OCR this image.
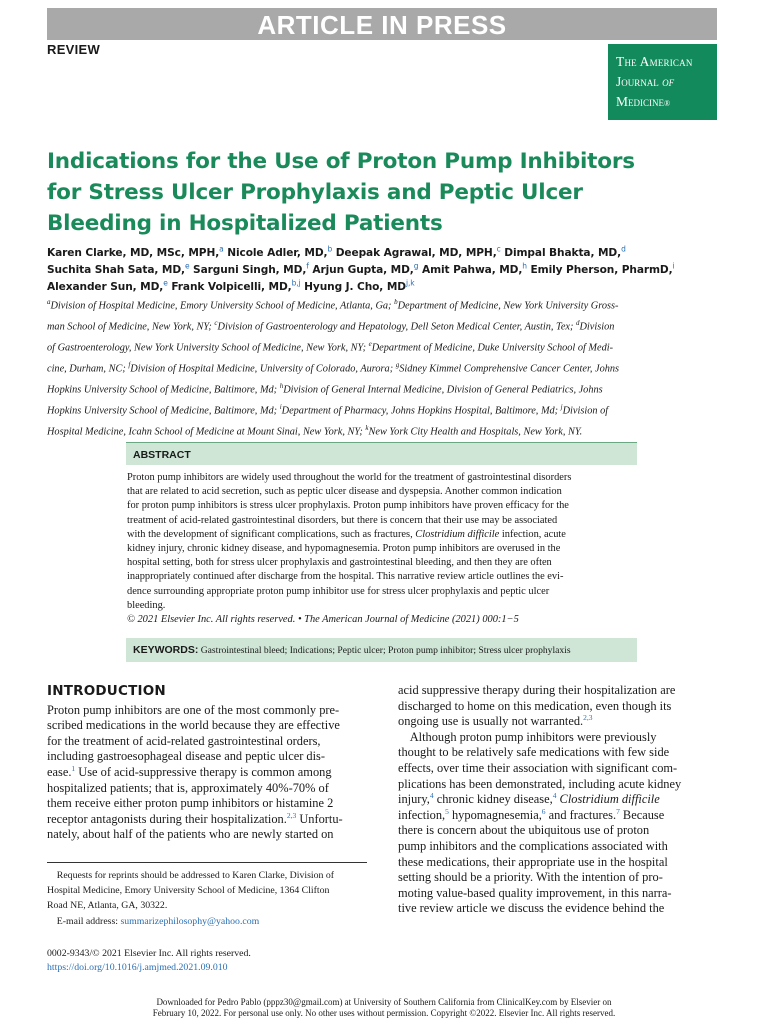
ARTICLE IN PRESS
REVIEW
The American
Journal of
Medicine®
Indications for the Use of Proton Pump Inhibitors
for Stress Ulcer Prophylaxis and Peptic Ulcer
Bleeding in Hospitalized Patients
Karen Clarke, MD, MSc, MPH,$^a$ Nicole Adler, MD,$^b$ Deepak Agrawal, MD, MPH,$^c$ Dimpal Bhakta, MD,$^d$
Suchita Shah Sata, MD,$^e$ Sarguni Singh, MD,$^f$ Arjun Gupta, MD,$^g$ Amit Pahwa, MD,$^h$ Emily Pherson, PharmD,$^i$
Alexander Sun, MD,$^e$ Frank Volpicelli, MD,$^{b,j}$ Hyung J. Cho, MD$^{j,k}$
$^a$Division of Hospital Medicine, Emory University School of Medicine, Atlanta, Ga; $^b$Department of Medicine, New York University Gross-
man School of Medicine, New York, NY; $^c$Division of Gastroenterology and Hepatology, Dell Seton Medical Center, Austin, Tex; $^d$Division
of Gastroenterology, New York University School of Medicine, New York, NY; $^e$Department of Medicine, Duke University School of Medi-
cine, Durham, NC; $^f$Division of Hospital Medicine, University of Colorado, Aurora; $^g$Sidney Kimmel Comprehensive Cancer Center, Johns
Hopkins University School of Medicine, Baltimore, Md; $^h$Division of General Internal Medicine, Division of General Pediatrics, Johns
Hopkins University School of Medicine, Baltimore, Md; $^i$Department of Pharmacy, Johns Hopkins Hospital, Baltimore, Md; $^j$Division of
Hospital Medicine, Icahn School of Medicine at Mount Sinai, New York, NY; $^k$New York City Health and Hospitals, New York, NY.
ABSTRACT
Proton pump inhibitors are widely used throughout the world for the treatment of gastrointestinal disorders
that are related to acid secretion, such as peptic ulcer disease and dyspepsia. Another common indication
for proton pump inhibitors is stress ulcer prophylaxis. Proton pump inhibitors have proven efficacy for the
treatment of acid-related gastrointestinal disorders, but there is concern that their use may be associated
with the development of significant complications, such as fractures, Clostridium difficile infection, acute
kidney injury, chronic kidney disease, and hypomagnesemia. Proton pump inhibitors are overused in the
hospital setting, both for stress ulcer prophylaxis and gastrointestinal bleeding, and then they are often
inappropriately continued after discharge from the hospital. This narrative review article outlines the evi-
dence surrounding appropriate proton pump inhibitor use for stress ulcer prophylaxis and peptic ulcer
bleeding.
© 2021 Elsevier Inc. All rights reserved. • The American Journal of Medicine (2021) 000:1−5
KEYWORDS: Gastrointestinal bleed; Indications; Peptic ulcer; Proton pump inhibitor; Stress ulcer prophylaxis
INTRODUCTION
Proton pump inhibitors are one of the most commonly pre-
scribed medications in the world because they are effective
for the treatment of acid-related gastrointestinal orders,
including gastroesophageal disease and peptic ulcer dis-
ease.$^1$ Use of acid-suppressive therapy is common among
hospitalized patients; that is, approximately 40%-70% of
them receive either proton pump inhibitors or histamine 2
receptor antagonists during their hospitalization.$^{2,3}$ Unfortu-
nately, about half of the patients who are newly started on
acid suppressive therapy during their hospitalization are
discharged to home on this medication, even though its
ongoing use is usually not warranted.$^{2,3}$
Although proton pump inhibitors were previously
thought to be relatively safe medications with few side
effects, over time their association with significant com-
plications has been demonstrated, including acute kidney
injury,$^4$ chronic kidney disease,$^4$ Clostridium difficile
infection,$^5$ hypomagnesemia,$^6$ and fractures.$^7$ Because
there is concern about the ubiquitous use of proton
pump inhibitors and the complications associated with
these medications, their appropriate use in the hospital
setting should be a priority. With the intention of pro-
moting value-based quality improvement, in this narra-
tive review article we discuss the evidence behind the
Requests for reprints should be addressed to Karen Clarke, Division of
Hospital Medicine, Emory University School of Medicine, 1364 Clifton
Road NE, Atlanta, GA, 30322.
E-mail address: summarizephilosophy@yahoo.com
0002-9343/© 2021 Elsevier Inc. All rights reserved.
https://doi.org/10.1016/j.amjmed.2021.09.010
Downloaded for Pedro Pablo (pppz30@gmail.com) at University of Southern California from ClinicalKey.com by Elsevier on
February 10, 2022. For personal use only. No other uses without permission. Copyright ©2022. Elsevier Inc. All rights reserved.
